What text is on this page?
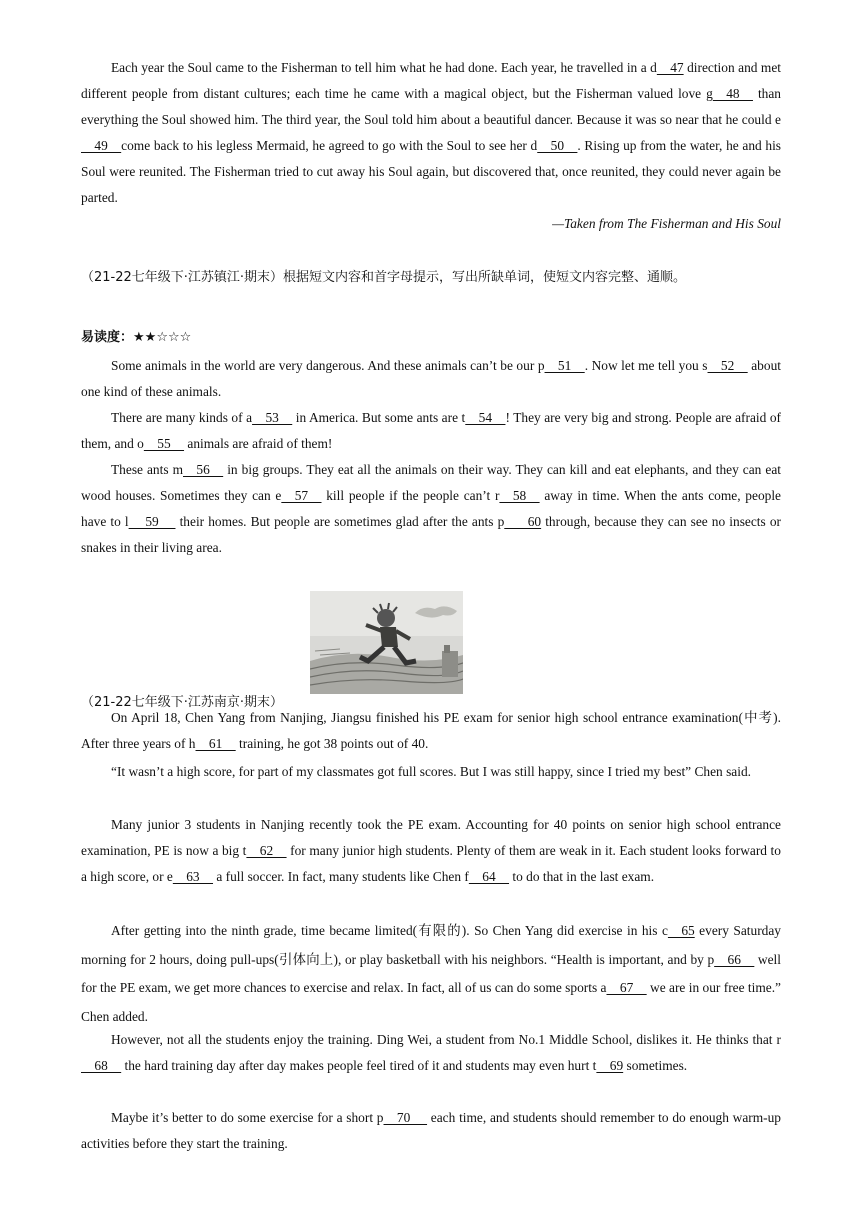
Each year the Soul came to the Fisherman to tell him what he had done. Each year, he travelled in a d    47 direction and met different people from distant cultures; each time he came with a magical object, but the Fisherman valued love g    48     than everything the Soul showed him. The third year, the Soul told him about a beautiful dancer. Because it was so near that he could e    49    come back to his legless Mermaid, he agreed to go with the Soul to see her d    50    . Rising up from the water, he and his Soul were reunited. The Fisherman tried to cut away his Soul again, but discovered that, once reunited, they could never again be parted.

—Taken from The Fisherman and His Soul

（21-22七年级下·江苏镇江·期末）根据短文内容和首字母提示，写出所缺单词，使短文内容完整、通顺。

易读度：★★☆☆☆

Some animals in the world are very dangerous. And these animals can’t be our p    51    . Now let me tell you s    52     about one kind of these animals.

There are many kinds of a    53     in America. But some ants are t    54    ! They are very big and strong. People are afraid of them, and o    55     animals are afraid of them!

These ants m    56     in big groups. They eat all the animals on their way. They can kill and eat elephants, and they can eat wood houses. Sometimes they can e    57     kill people if the people can’t r    58     away in time. When the ants come, people have to l     59      their homes. But people are sometimes glad after the ants p       60 through, because they can see no insects or snakes in their living area.

（21-22七年级下·江苏南京·期末）

On April 18, Chen Yang from Nanjing, Jiangsu finished his PE exam for senior high school entrance examination(中考). After three years of h    61     training, he got 38 points out of 40.

“It wasn’t a high score, for part of my classmates got full scores. But I was still happy, since I tried my best” Chen said.

Many junior 3 students in Nanjing recently took the PE exam. Accounting for 40 points on senior high school entrance examination, PE is now a big t    62     for many junior high students. Plenty of them are weak in it. Each student looks forward to a high score, or e    63     a full soccer. In fact, many students like Chen f    64     to do that in the last exam.

After getting into the ninth grade, time became limited(有限的). So Chen Yang did exercise in his c    65 every Saturday morning for 2 hours, doing pull-ups(引体向上), or play basketball with his neighbors. “Health is important, and by p    66     well for the PE exam, we get more chances to exercise and relax. In fact, all of us can do some sports a    67     we are in our free time.” Chen added.

However, not all the students enjoy the training. Ding Wei, a student from No.1 Middle School, dislikes it. He thinks that r    68     the hard training day after day makes people feel tired of it and students may even hurt t    69 sometimes.

Maybe it’s better to do some exercise for a short p    70      each time, and students should remember to do enough warm-up activities before they start the training.
